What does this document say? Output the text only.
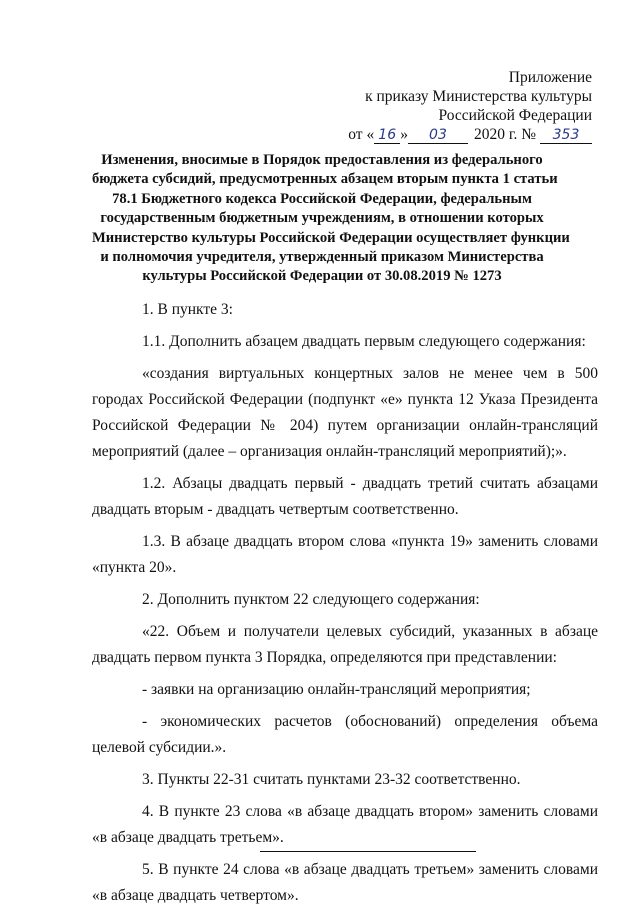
Приложение
к приказу Министерства культуры
Российской Федерации
от « 16 »	03	2020 г. №	353
Изменения, вносимые в Порядок предоставления из федерального
бюджета субсидий, предусмотренных абзацем вторым пункта 1 статьи
78.1 Бюджетного кодекса Российской Федерации, федеральным
государственным бюджетным учреждениям, в отношении которых
Министерство культуры Российской Федерации осуществляет функции
и полномочия учредителя, утвержденный приказом Министерства
культуры Российской Федерации от 30.08.2019 № 1273

1. В пункте 3:

1.1. Дополнить абзацем двадцать первым следующего содержания:

«создания виртуальных концертных залов не менее чем в 500 городах Российской Федерации (подпункт «е» пункта 12 Указа Президента Российской Федерации № 204) путем организации онлайн-трансляций мероприятий (далее – организация онлайн-трансляций мероприятий);».

1.2. Абзацы двадцать первый - двадцать третий считать абзацами двадцать вторым - двадцать четвертым соответственно.

1.3. В абзаце двадцать втором слова «пункта 19» заменить словами «пункта 20».

2. Дополнить пунктом 22 следующего содержания:

«22. Объем и получатели целевых субсидий, указанных в абзаце двадцать первом пункта 3 Порядка, определяются при представлении:

- заявки на организацию онлайн-трансляций мероприятия;

- экономических расчетов (обоснований) определения объема целевой субсидии.».

3. Пункты 22-31 считать пунктами 23-32 соответственно.

4. В пункте 23 слова «в абзаце двадцать втором» заменить словами «в абзаце двадцать третьем».

5. В пункте 24 слова «в абзаце двадцать третьем» заменить словами «в абзаце двадцать четвертом».
